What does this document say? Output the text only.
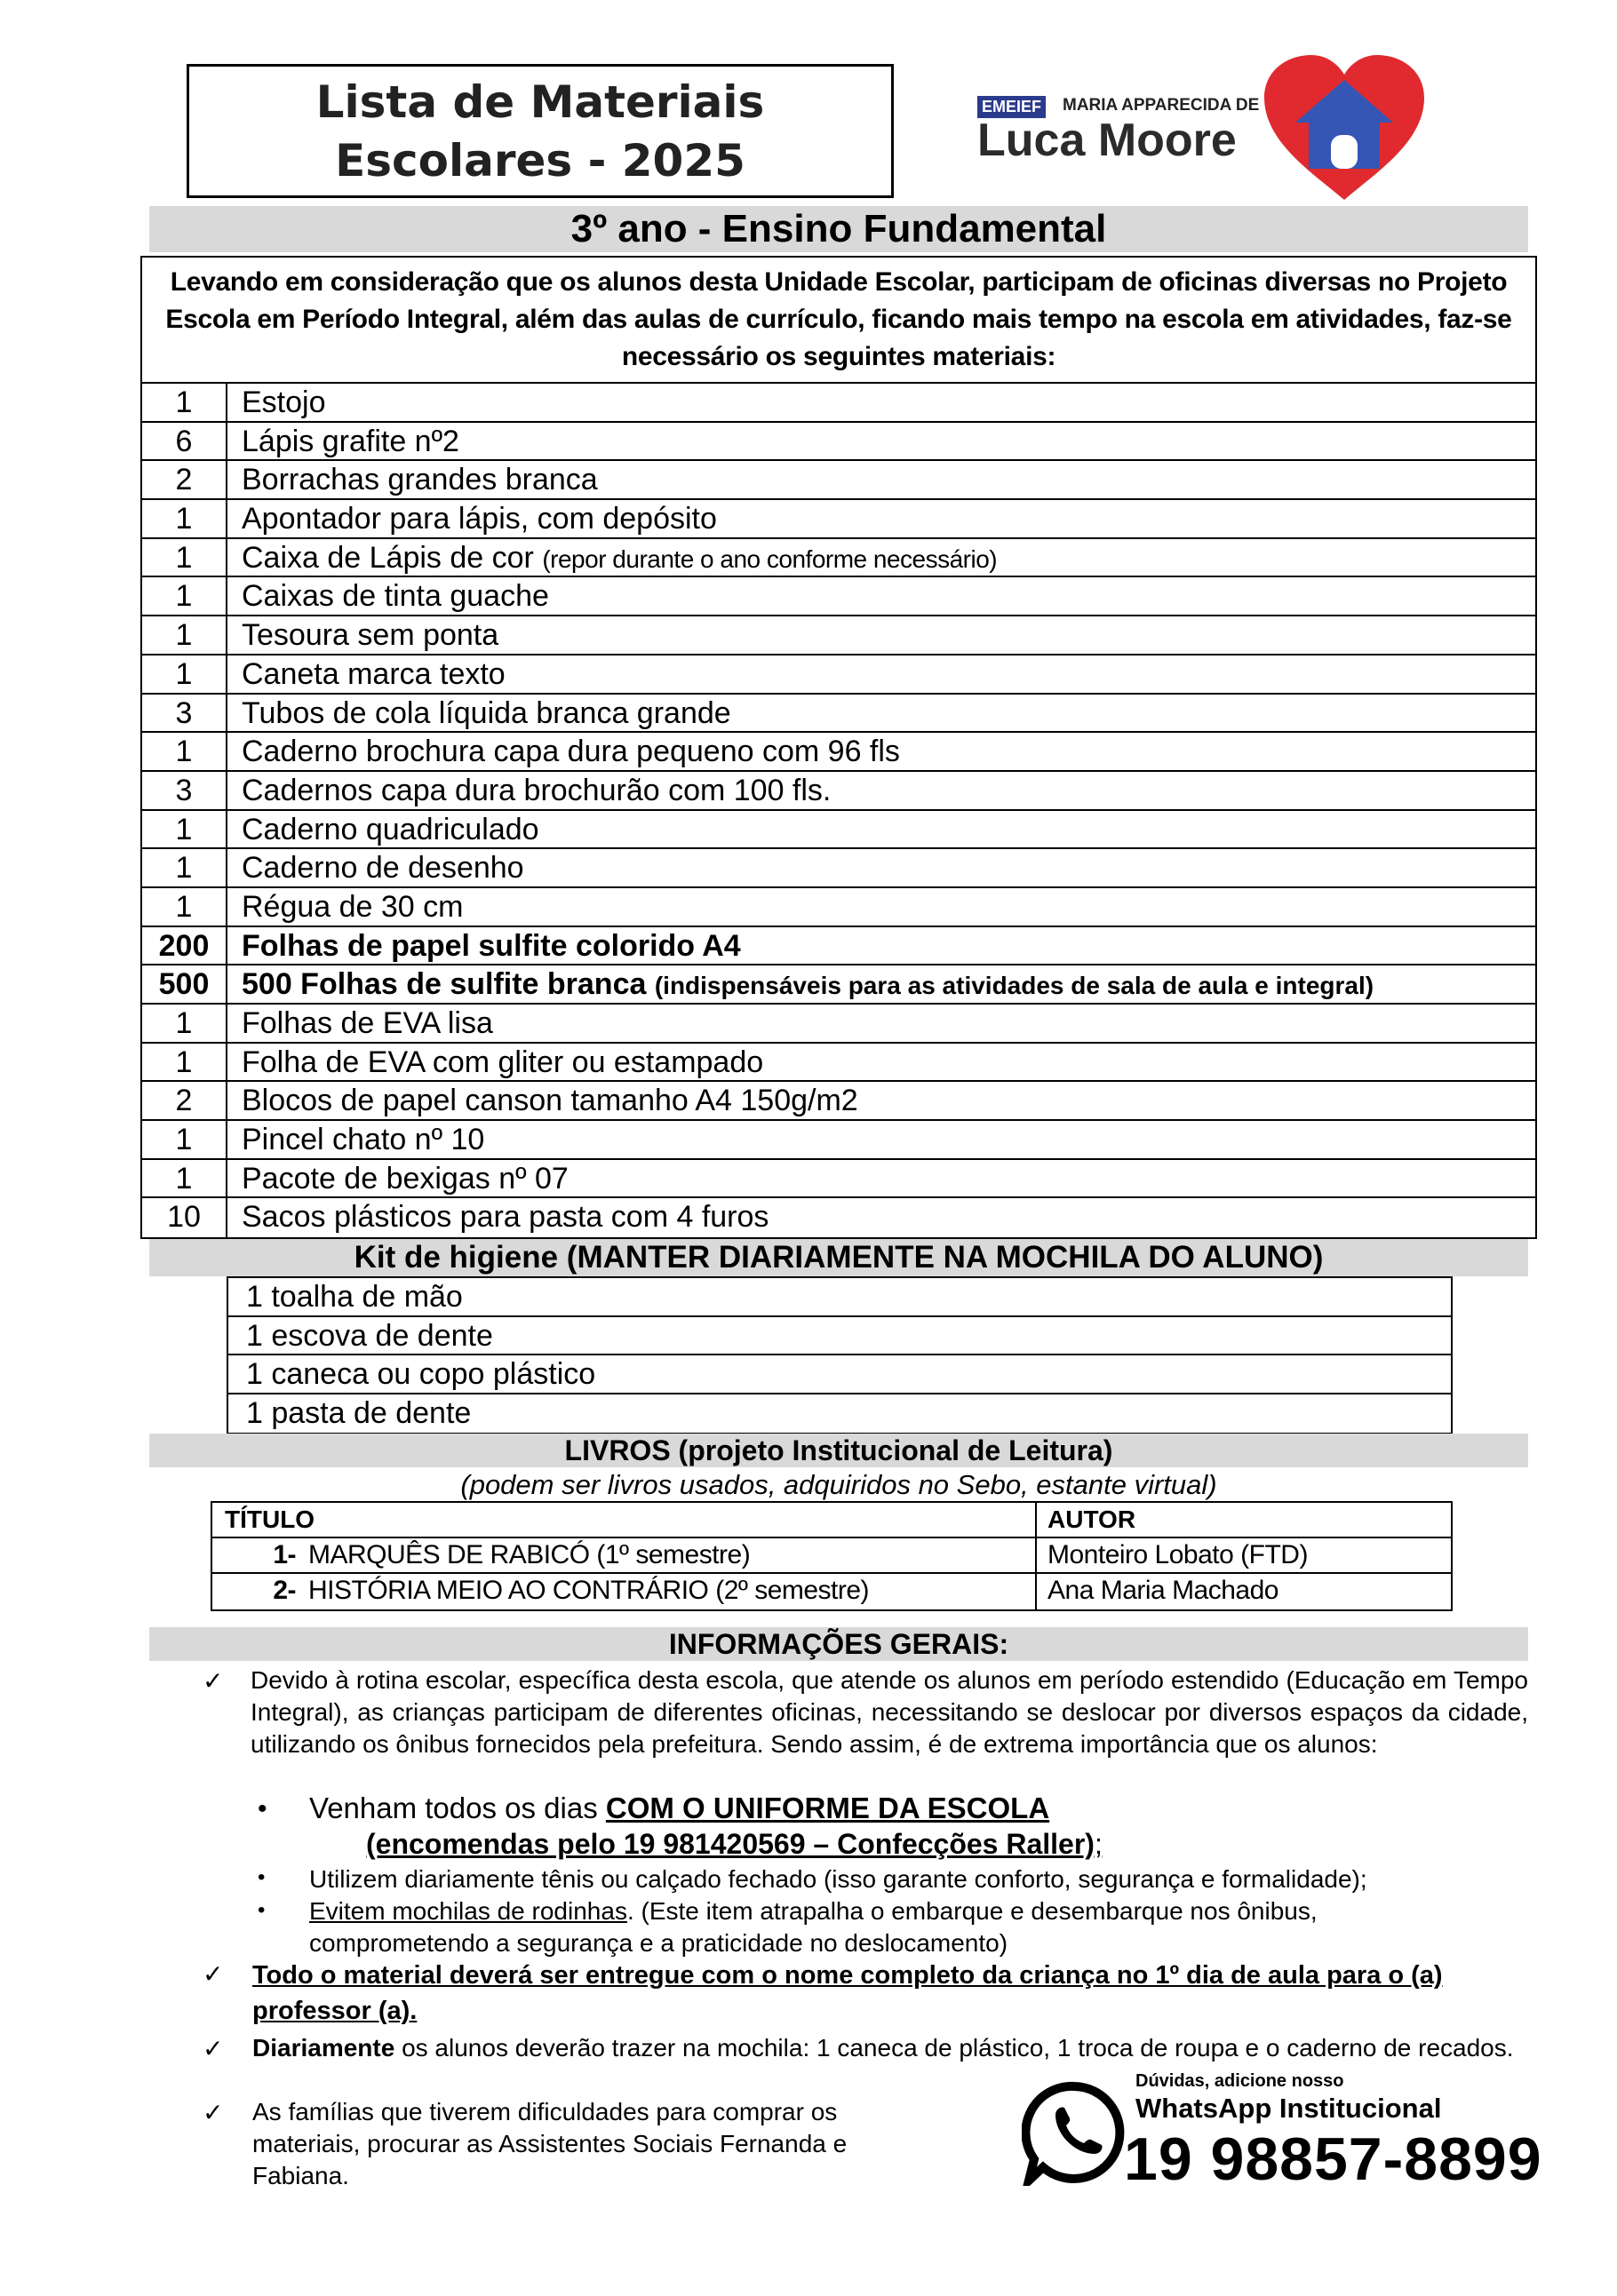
Lista de Materiais
Escolares - 2025
EMEIEF MARIA APPARECIDA DE
Luca Moore
3º ano - Ensino Fundamental
Levando em consideração que os alunos desta Unidade Escolar, participam de oficinas diversas no Projeto Escola em Período Integral, além das aulas de currículo, ficando mais tempo na escola em atividades, faz-se necessário os seguintes materiais:
1	Estojo
6	Lápis grafite nº2
2	Borrachas grandes branca
1	Apontador para lápis, com depósito
1	Caixa de Lápis de cor (repor durante o ano conforme necessário)
1	Caixas de tinta guache
1	Tesoura sem ponta
1	Caneta marca texto
3	Tubos de cola líquida branca grande
1	Caderno brochura capa dura pequeno com 96 fls
3	Cadernos capa dura brochurão com 100 fls.
1	Caderno quadriculado
1	Caderno de desenho
1	Régua de 30 cm
200	Folhas de papel sulfite colorido A4
500	500 Folhas de sulfite branca (indispensáveis para as atividades de sala de aula e integral)
1	Folhas de EVA lisa
1	Folha de EVA com gliter ou estampado
2	Blocos de papel canson tamanho A4 150g/m2
1	Pincel chato nº 10
1	Pacote de bexigas nº 07
10	Sacos plásticos para pasta com 4 furos
Kit de higiene (MANTER DIARIAMENTE NA MOCHILA DO ALUNO)
1 toalha de mão
1 escova de dente
1 caneca ou copo plástico
1 pasta de dente
LIVROS (projeto Institucional de Leitura)
(podem ser livros usados, adquiridos no Sebo, estante virtual)
TÍTULO	AUTOR
1- MARQUÊS DE RABICÓ (1º semestre)	Monteiro Lobato (FTD)
2- HISTÓRIA MEIO AO CONTRÁRIO (2º semestre)	Ana Maria Machado
INFORMAÇÕES GERAIS:
✓ Devido à rotina escolar, específica desta escola, que atende os alunos em período estendido (Educação em Tempo Integral), as crianças participam de diferentes oficinas, necessitando se deslocar por diversos espaços da cidade, utilizando os ônibus fornecidos pela prefeitura. Sendo assim, é de extrema importância que os alunos:
• Venham todos os dias COM O UNIFORME DA ESCOLA
(encomendas pelo 19 981420569 – Confecções Raller);
• Utilizem diariamente tênis ou calçado fechado (isso garante conforto, segurança e formalidade);
• Evitem mochilas de rodinhas. (Este item atrapalha o embarque e desembarque nos ônibus, comprometendo a segurança e a praticidade no deslocamento)
✓ Todo o material deverá ser entregue com o nome completo da criança no 1º dia de aula para o (a) professor (a).
✓ Diariamente os alunos deverão trazer na mochila: 1 caneca de plástico, 1 troca de roupa e o caderno de recados.
✓ As famílias que tiverem dificuldades para comprar os materiais, procurar as Assistentes Sociais Fernanda e Fabiana.
Dúvidas, adicione nosso
WhatsApp Institucional
19 98857-8899
